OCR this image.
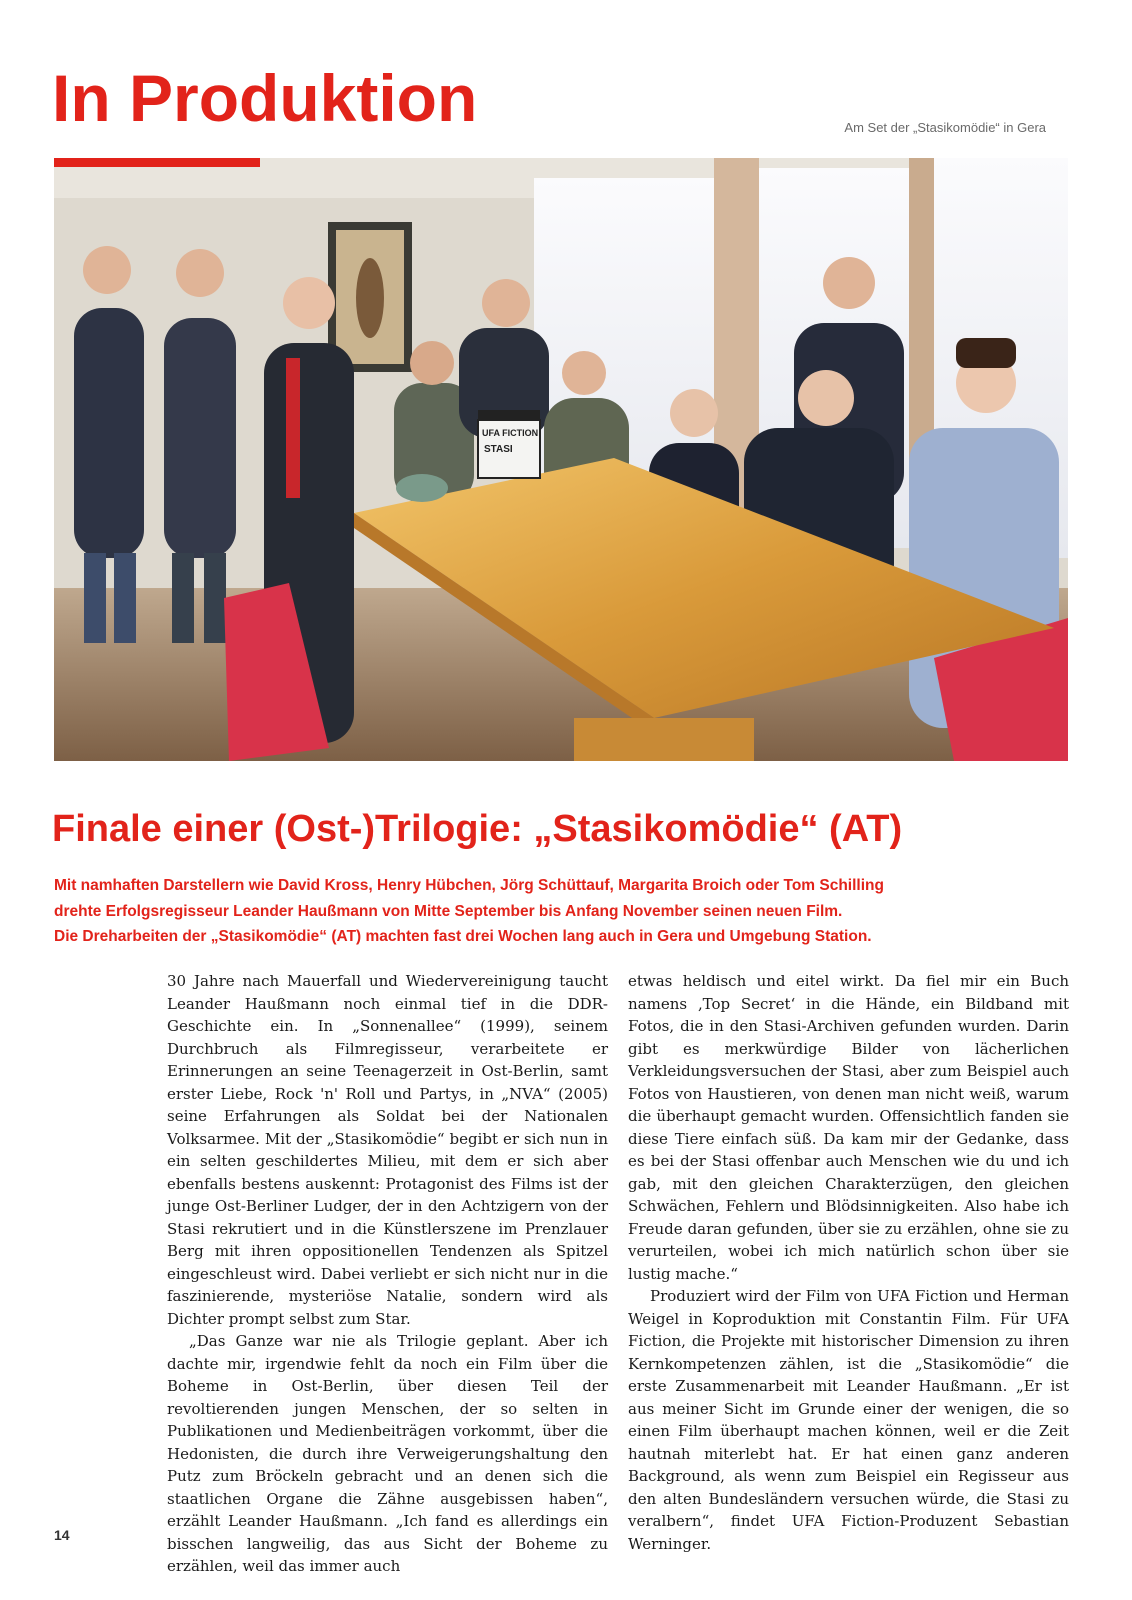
In Produktion	Am Set der „Stasikomödie“ in Gera
UFA FICTION
STASI
Finale einer (Ost-)Trilogie: „Stasikomödie“ (AT)
Mit namhaften Darstellern wie David Kross, Henry Hübchen, Jörg Schüttauf, Margarita Broich oder Tom Schilling
drehte Erfolgsregisseur Leander Haußmann von Mitte September bis Anfang November seinen neuen Film.
Die Dreharbeiten der „Stasikomödie“ (AT) machten fast drei Wochen lang auch in Gera und Umgebung Station.

30 Jahre nach Mauerfall und Wiedervereinigung taucht Leander Haußmann noch einmal tief in die DDR-Geschichte ein. In „Sonnenallee“ (1999), seinem Durchbruch als Filmregisseur, verarbeitete er Erinnerungen an seine Teenagerzeit in Ost-Berlin, samt erster Liebe, Rock 'n' Roll und Partys, in „NVA“ (2005) seine Erfahrungen als Soldat bei der Nationalen Volksarmee. Mit der „Stasikomödie“ begibt er sich nun in ein selten geschildertes Milieu, mit dem er sich aber ebenfalls bestens auskennt: Protagonist des Films ist der junge Ost-Berliner Ludger, der in den Achtzigern von der Stasi rekrutiert und in die Künstlerszene im Prenzlauer Berg mit ihren oppositionellen Tendenzen als Spitzel eingeschleust wird. Dabei verliebt er sich nicht nur in die faszinierende, mysteriöse Natalie, sondern wird als Dichter prompt selbst zum Star.

„Das Ganze war nie als Trilogie geplant. Aber ich dachte mir, irgendwie fehlt da noch ein Film über die Boheme in Ost-Berlin, über diesen Teil der revoltierenden jungen Menschen, der so selten in Publikationen und Medienbeiträgen vorkommt, über die Hedonisten, die durch ihre Verweigerungshaltung den Putz zum Bröckeln gebracht und an denen sich die staatlichen Organe die Zähne ausgebissen haben“, erzählt Leander Haußmann. „Ich fand es allerdings ein bisschen langweilig, das aus Sicht der Boheme zu erzählen, weil das immer auch

etwas heldisch und eitel wirkt. Da fiel mir ein Buch namens ‚Top Secret‘ in die Hände, ein Bildband mit Fotos, die in den Stasi-Archiven gefunden wurden. Darin gibt es merkwürdige Bilder von lächerlichen Verkleidungsversuchen der Stasi, aber zum Beispiel auch Fotos von Haustieren, von denen man nicht weiß, warum die überhaupt gemacht wurden. Offensichtlich fanden sie diese Tiere einfach süß. Da kam mir der Gedanke, dass es bei der Stasi offenbar auch Menschen wie du und ich gab, mit den gleichen Charakterzügen, den gleichen Schwächen, Fehlern und Blödsinnigkeiten. Also habe ich Freude daran gefunden, über sie zu erzählen, ohne sie zu verurteilen, wobei ich mich natürlich schon über sie lustig mache.“

Produziert wird der Film von UFA Fiction und Herman Weigel in Koproduktion mit Constantin Film. Für UFA Fiction, die Projekte mit historischer Dimension zu ihren Kernkompetenzen zählen, ist die „Stasikomödie“ die erste Zusammenarbeit mit Leander Haußmann. „Er ist aus meiner Sicht im Grunde einer der wenigen, die so einen Film überhaupt machen können, weil er die Zeit hautnah miterlebt hat. Er hat einen ganz anderen Background, als wenn zum Beispiel ein Regisseur aus den alten Bundesländern versuchen würde, die Stasi zu veralbern“, findet UFA Fiction-Produzent Sebastian Werninger.

14
